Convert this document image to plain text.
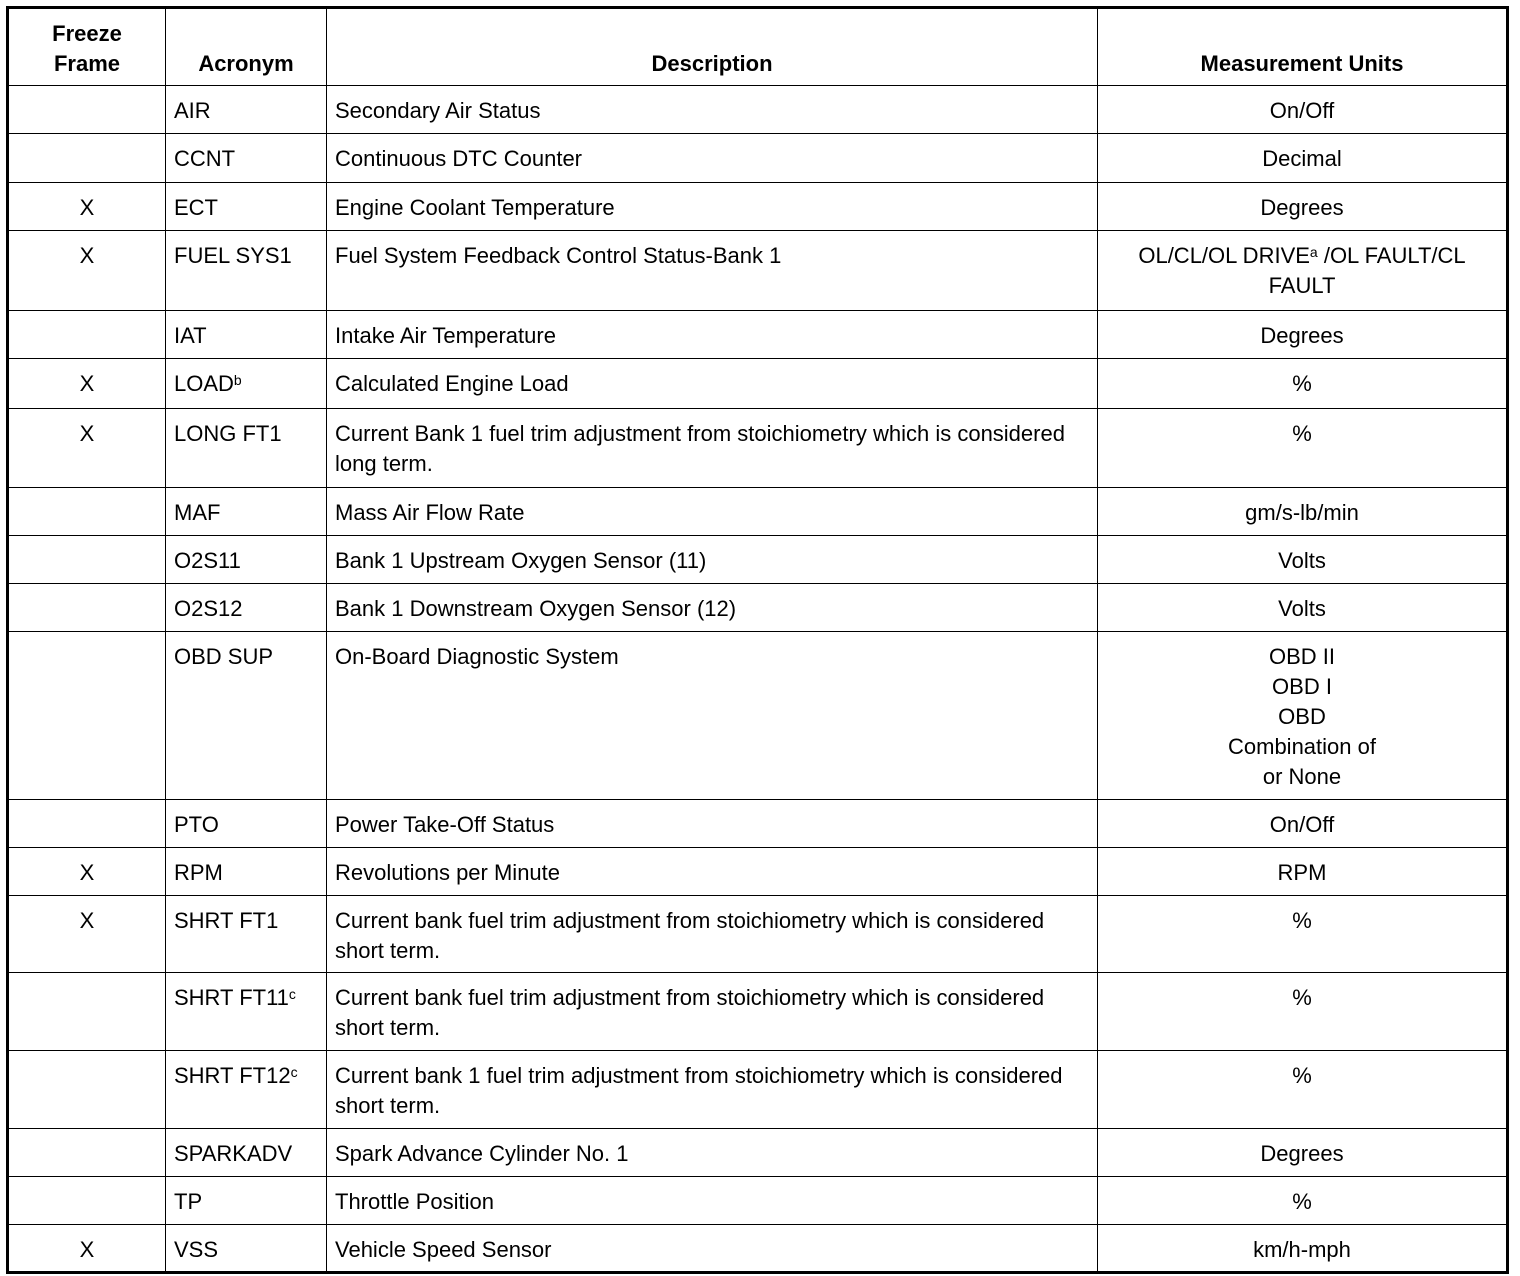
Freeze Frame	Acronym	Description	Measurement Units
	AIR	Secondary Air Status	On/Off
	CCNT	Continuous DTC Counter	Decimal
X	ECT	Engine Coolant Temperature	Degrees
X	FUEL SYS1	Fuel System Feedback Control Status-Bank 1	OL/CL/OL DRIVE$^a$ /OL FAULT/CL FAULT
	IAT	Intake Air Temperature	Degrees
X	LOAD$^b$	Calculated Engine Load	%
X	LONG FT1	Current Bank 1 fuel trim adjustment from stoichiometry which is considered long term.	%
	MAF	Mass Air Flow Rate	gm/s-lb/min
	O2S11	Bank 1 Upstream Oxygen Sensor (11)	Volts
	O2S12	Bank 1 Downstream Oxygen Sensor (12)	Volts
	OBD SUP	On-Board Diagnostic System	OBD II
OBD I
OBD
Combination of
or None
	PTO	Power Take-Off Status	On/Off
X	RPM	Revolutions per Minute	RPM
X	SHRT FT1	Current bank fuel trim adjustment from stoichiometry which is considered short term.	%
	SHRT FT11$^c$	Current bank fuel trim adjustment from stoichiometry which is considered short term.	%
	SHRT FT12$^c$	Current bank 1 fuel trim adjustment from stoichiometry which is considered short term.	%
	SPARKADV	Spark Advance Cylinder No. 1	Degrees
	TP	Throttle Position	%
X	VSS	Vehicle Speed Sensor	km/h-mph
